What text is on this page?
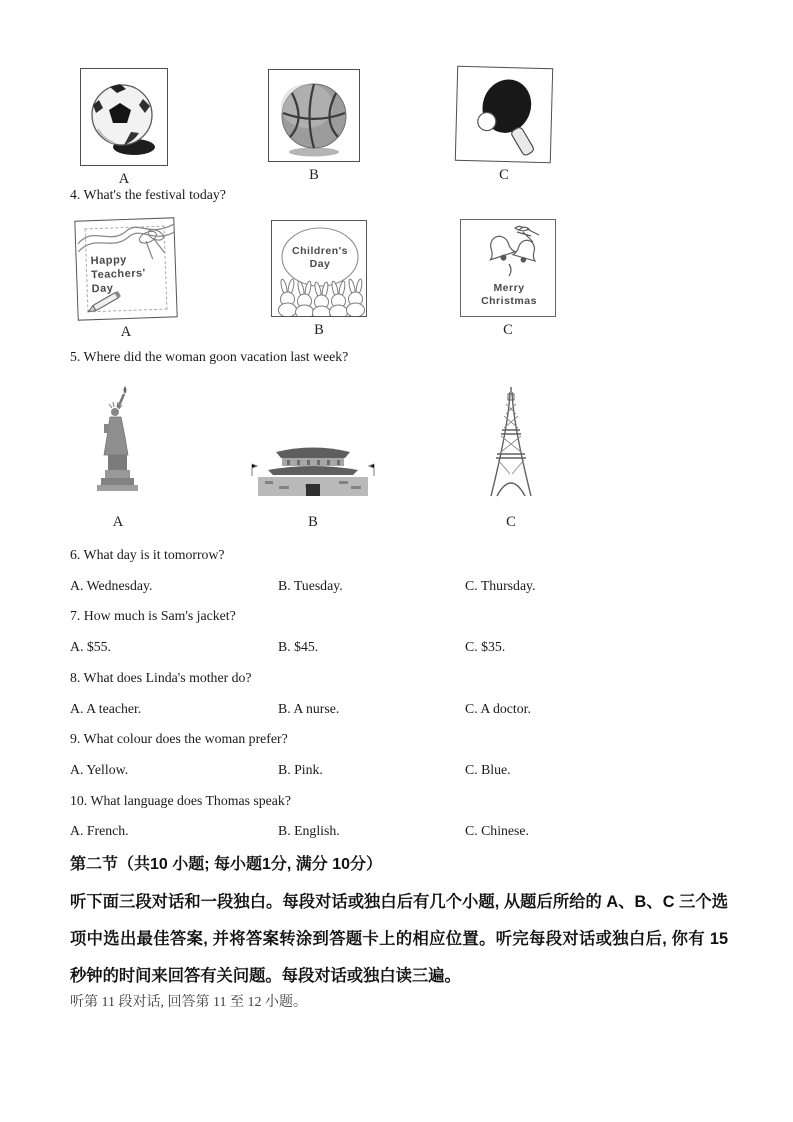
A	B	C
4. What's the festival today?
Happy
Teachers'
Day
A
Children's
Day
B
Merry
Christmas
C
5. Where did the woman goon vacation last week?
A	B	C
6. What day is it tomorrow?
A. Wednesday.	B. Tuesday.	C. Thursday.
7. How much is Sam's jacket?
A. $55.	B. $45.	C. $35.
8. What does Linda's mother do?
A. A teacher.	B. A nurse.	C. A doctor.
9. What colour does the woman prefer?
A. Yellow.	B. Pink.	C. Blue.
10. What language does Thomas speak?
A. French.	B. English.	C. Chinese.
第二节（共10 小题; 每小题1分, 满分 10分）
听下面三段对话和一段独白。每段对话或独白后有几个小题, 从题后所给的 A、B、C 三个选项中选出最佳答案, 并将答案转涂到答题卡上的相应位置。听完每段对话或独白后, 你有 15 秒钟的时间来回答有关问题。每段对话或独白读三遍。
听第 11 段对话, 回答第 11 至 12 小题。
